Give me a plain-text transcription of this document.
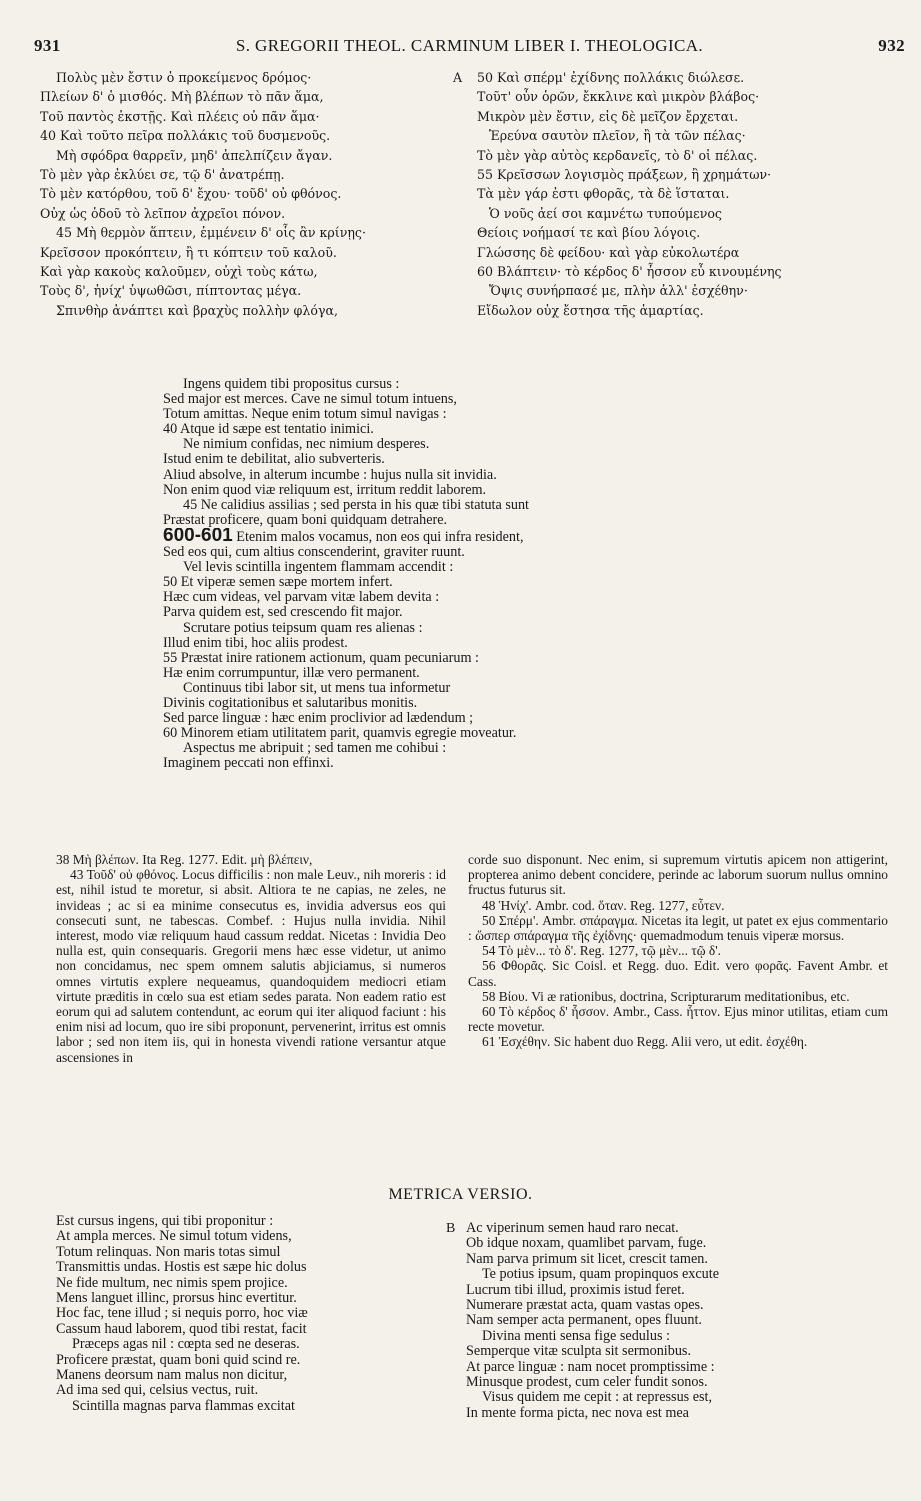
931	S. GREGORII THEOL. CARMINUM LIBER I. THEOLOGICA.	932
Πολὺς μὲν ἔστιν ὁ προκείμενος δρόμος·
Πλείων δ' ὁ μισθός. Μὴ βλέπων τὸ πᾶν ἅμα,
Τοῦ παντὸς ἐκστῇς. Καὶ πλέεις οὐ πᾶν ἅμα·
40 Καὶ τοῦτο πεῖρα πολλάκις τοῦ δυσμενοῦς.
Μὴ σφόδρα θαρρεῖν, μηδ' ἀπελπίζειν ἄγαν.
Τὸ μὲν γὰρ ἐκλύει σε, τῷ δ' ἀνατρέπῃ.
Τὸ μὲν κατόρθου, τοῦ δ' ἔχου· τοῦδ' οὐ φθόνος.
Οὐχ ὡς ὁδοῦ τὸ λεῖπον ἀχρεῖοι πόνον.
45 Μὴ θερμὸν ἅπτειν, ἐμμένειν δ' οἷς ἂν κρίνῃς·
Κρεῖσσον προκόπτειν, ἢ τι κόπτειν τοῦ καλοῦ.
Καὶ γὰρ κακοὺς καλοῦμεν, οὐχὶ τοὺς κάτω,
Τοὺς δ', ἡνίχ' ὑψωθῶσι, πίπτοντας μέγα.
Σπινθὴρ ἀνάπτει καὶ βραχὺς πολλὴν φλόγα,
A	50 Καὶ σπέρμ' ἐχίδνης πολλάκις διώλεσε.
Τοῦτ' οὖν ὁρῶν, ἔκκλινε καὶ μικρὸν βλάβος·
Μικρὸν μὲν ἔστιν, εἰς δὲ μεῖζον ἔρχεται.
Ἐρεύνα σαυτὸν πλεῖον, ἢ τὰ τῶν πέλας·
Τὸ μὲν γὰρ αὐτὸς κερδανεῖς, τὸ δ' οἱ πέλας.
55 Κρεῖσσων λογισμὸς πράξεων, ἢ χρημάτων·
Τὰ μὲν γάρ ἐστι φθορᾶς, τὰ δὲ ἵσταται.
Ὁ νοῦς ἀεί σοι καμνέτω τυπούμενος
Θείοις νοήμασί τε καὶ βίου λόγοις.
Γλώσσης δὲ φείδου· καὶ γὰρ εὐκολωτέρα
60 Βλάπτειν· τὸ κέρδος δ' ἧσσον εὖ κινουμένης
Ὄψις συνήρπασέ με, πλὴν ἀλλ' ἐσχέθην·
Εἴδωλον οὐχ ἔστησα τῆς ἁμαρτίας.
Ingens quidem tibi propositus cursus :
Sed major est merces. Cave ne simul totum intuens,
Totum amittas. Neque enim totum simul navigas :
40 Atque id sæpe est tentatio inimici.
Ne nimium confidas, nec nimium desperes.
Istud enim te debilitat, alio subverteris.
Aliud absolve, in alterum incumbe : hujus nulla sit invidia.
Non enim quod viæ reliquum est, irritum reddit laborem.
45 Ne calidius assilias ; sed persta in his quæ tibi statuta sunt
Præstat proficere, quam boni quidquam detrahere.
600-601 Etenim malos vocamus, non eos qui infra resident,
Sed eos qui, cum altius conscenderint, graviter ruunt.
Vel levis scintilla ingentem flammam accendit :
50 Et viperæ semen sæpe mortem infert.
Hæc cum videas, vel parvam vitæ labem devita :
Parva quidem est, sed crescendo fit major.
Scrutare potius teipsum quam res alienas :
Illud enim tibi, hoc aliis prodest.
55 Præstat inire rationem actionum, quam pecuniarum :
Hæ enim corrumpuntur, illæ vero permanent.
Continuus tibi labor sit, ut mens tua informetur
Divinis cogitationibus et salutaribus monitis.
Sed parce linguæ : hæc enim proclivior ad lædendum ;
60 Minorem etiam utilitatem parit, quamvis egregie moveatur.
Aspectus me abripuit ; sed tamen me cohibui :
Imaginem peccati non effinxi.

38 Μὴ βλέπων. Ita Reg. 1277. Edit. μὴ βλέπειν,

43 Τοῦδ' οὐ φθόνος. Locus difficilis : non male Leuv., nih moreris : id est, nihil istud te moretur, si absit. Altiora te ne capias, ne zeles, ne invideas ; ac si ea minime consecutus es, invidia adversus eos qui consecuti sunt, ne tabescas. Combef. : Hujus nulla invidia. Nihil interest, modo viæ reliquum haud cassum reddat. Nicetas : Invidia Deo nulla est, quin consequaris. Gregorii mens hæc esse videtur, ut animo non concidamus, nec spem omnem salutis abjiciamus, si numeros omnes virtutis explere nequeamus, quandoquidem mediocri etiam virtute præditis in cœlo sua est etiam sedes parata. Non eadem ratio est eorum qui ad salutem contendunt, ac eorum qui iter aliquod faciunt : his enim nisi ad locum, quo ire sibi proponunt, pervenerint, irritus est omnis labor ; sed non item iis, qui in honesta vivendi ratione versantur atque ascensiones in

corde suo disponunt. Nec enim, si supremum virtutis apicem non attigerint, propterea animo debent concidere, perinde ac laborum suorum nullus omnino fructus futurus sit.

48 Ἡνίχ'. Ambr. cod. ὅταν. Reg. 1277, εὖτεν.

50 Σπέρμ'. Ambr. σπάραγμα. Nicetas ita legit, ut patet ex ejus commentario : ὥσπερ σπάραγμα τῆς ἐχίδνης· quemadmodum tenuis viperæ morsus.

54 Τὸ μὲν... τὸ δ'. Reg. 1277, τῷ μὲν... τῷ δ'.

56 Φθορᾶς. Sic Coisl. et Regg. duo. Edit. vero φορᾶς. Favent Ambr. et Cass.

58 Βίου. Vi æ rationibus, doctrina, Scripturarum meditationibus, etc.

60 Τὸ κέρδος δ' ἧσσον. Ambr., Cass. ἧττον. Ejus minor utilitas, etiam cum recte movetur.

61 Ἐσχέθην. Sic habent duo Regg. Alii vero, ut edit. ἐσχέθη.

METRICA VERSIO.
Est cursus ingens, qui tibi proponitur :
At ampla merces. Ne simul totum videns,
Totum relinquas. Non maris totas simul
Transmittis undas. Hostis est sæpe hic dolus
Ne fide multum, nec nimis spem projice.
Mens languet illinc, prorsus hinc evertitur.
Hoc fac, tene illud ; si nequis porro, hoc viæ
Cassum haud laborem, quod tibi restat, facit
Præceps agas nil : cœpta sed ne deseras.
Proficere præstat, quam boni quid scind re.
Manens deorsum nam malus non dicitur,
Ad ima sed qui, celsius vectus, ruit.
Scintilla magnas parva flammas excitat
B Ac viperinum semen haud raro necat.
Ob idque noxam, quamlibet parvam, fuge.
Nam parva primum sit licet, crescit tamen.
Te potius ipsum, quam propinquos excute
Lucrum tibi illud, proximis istud feret.
Numerare præstat acta, quam vastas opes.
Nam semper acta permanent, opes fluunt.
Divina menti sensa fige sedulus :
Semperque vitæ sculpta sit sermonibus.
At parce linguæ : nam nocet promptissime :
Minusque prodest, cum celer fundit sonos.
Visus quidem me cepit : at repressus est,
In mente forma picta, nec nova est mea
